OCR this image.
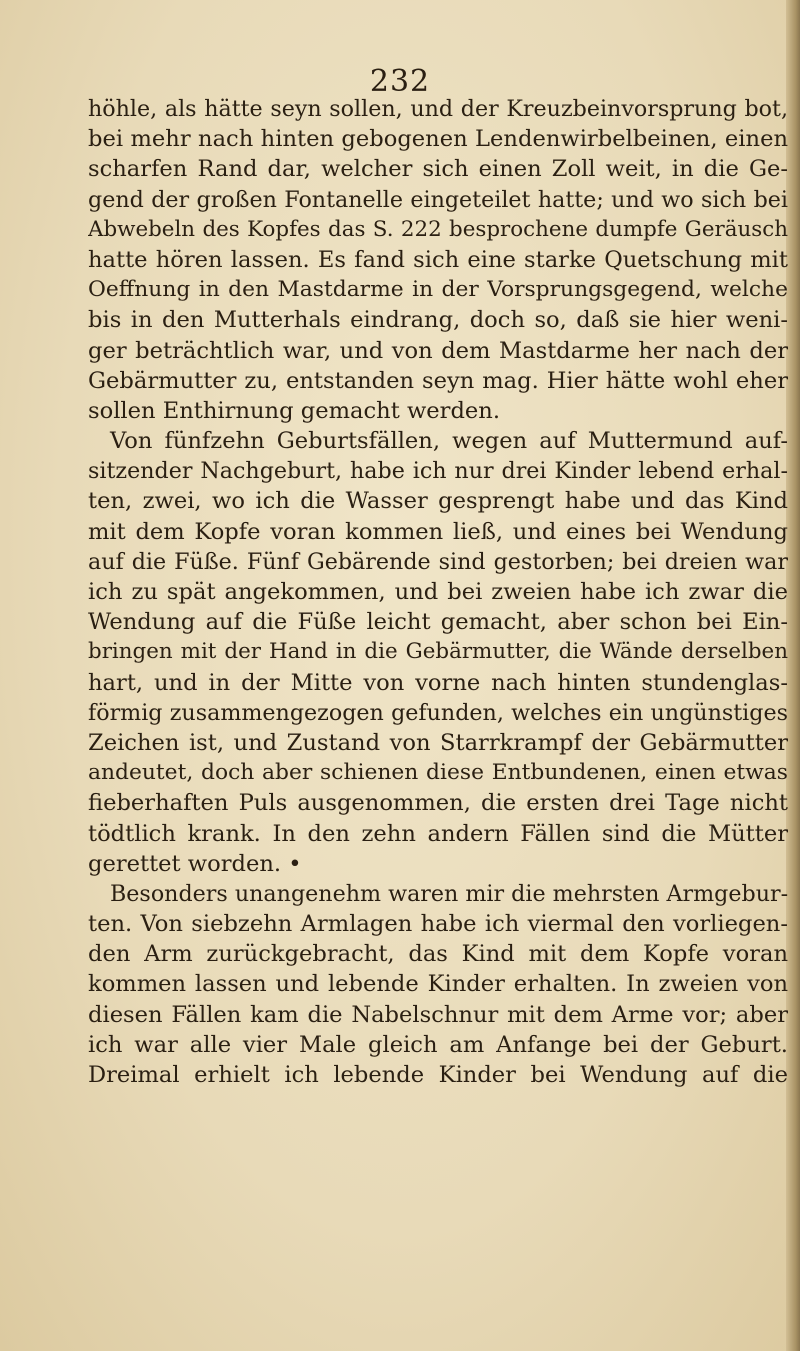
232
höhle, als hätte seyn sollen, und der Kreuzbeinvorsprung bot,
bei mehr nach hinten gebogenen Lendenwirbelbeinen, einen
scharfen Rand dar, welcher sich einen Zoll weit, in die Ge-
gend der großen Fontanelle eingeteilet hatte; und wo sich bei
Abwebeln des Kopfes das S. 222 besprochene dumpfe Geräusch
hatte hören lassen. Es fand sich eine starke Quetschung mit
Oeffnung in den Mastdarme in der Vorsprungsgegend, welche
bis in den Mutterhals eindrang, doch so, daß sie hier weni-
ger beträchtlich war, und von dem Mastdarme her nach der
Gebärmutter zu, entstanden seyn mag. Hier hätte wohl eher
sollen Enthirnung gemacht werden.
Von fünfzehn Geburtsfällen, wegen auf Muttermund auf-
sitzender Nachgeburt, habe ich nur drei Kinder lebend erhal-
ten, zwei, wo ich die Wasser gesprengt habe und das Kind
mit dem Kopfe voran kommen ließ, und eines bei Wendung
auf die Füße. Fünf Gebärende sind gestorben; bei dreien war
ich zu spät angekommen, und bei zweien habe ich zwar die
Wendung auf die Füße leicht gemacht, aber schon bei Ein-
bringen mit der Hand in die Gebärmutter, die Wände derselben
hart, und in der Mitte von vorne nach hinten stundenglas-
förmig zusammengezogen gefunden, welches ein ungünstiges
Zeichen ist, und Zustand von Starrkrampf der Gebärmutter
andeutet, doch aber schienen diese Entbundenen, einen etwas
fieberhaften Puls ausgenommen, die ersten drei Tage nicht
tödtlich krank. In den zehn andern Fällen sind die Mütter
gerettet worden. •
Besonders unangenehm waren mir die mehrsten Armgebur-
ten. Von siebzehn Armlagen habe ich viermal den vorliegen-
den Arm zurückgebracht, das Kind mit dem Kopfe voran
kommen lassen und lebende Kinder erhalten. In zweien von
diesen Fällen kam die Nabelschnur mit dem Arme vor; aber
ich war alle vier Male gleich am Anfange bei der Geburt.
Dreimal erhielt ich lebende Kinder bei Wendung auf die
